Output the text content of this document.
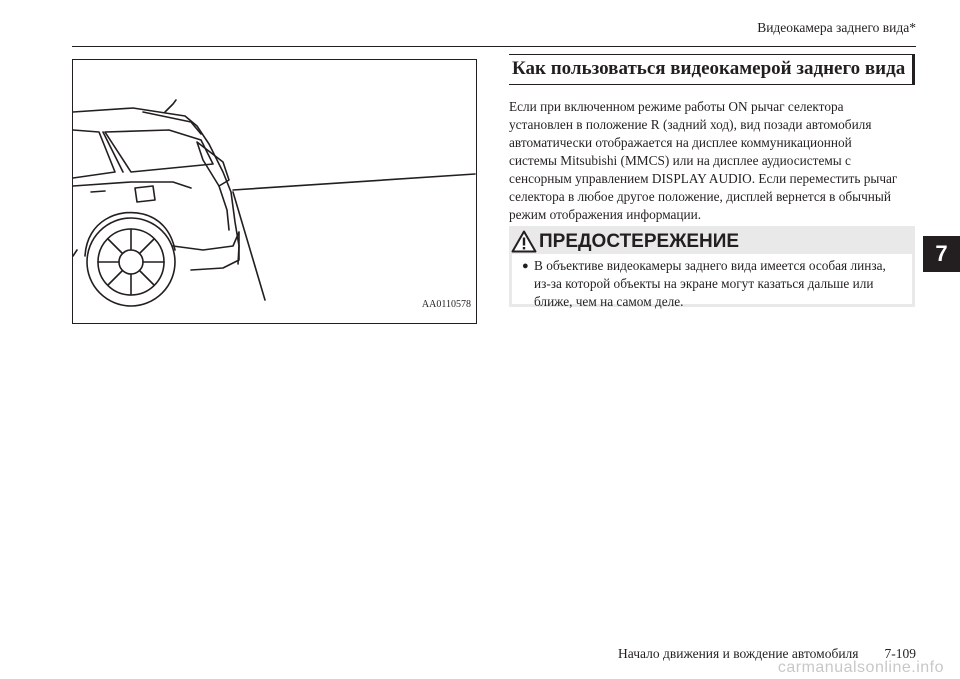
Видеокамера заднего вида*
AA0110578
Как пользоваться видеокамерой заднего вида

Если при включенном режиме работы ON рычаг селектора
установлен в положение R (задний ход), вид позади автомобиля
автоматически отображается на дисплее коммуникационной
системы Mitsubishi (MMCS) или на дисплее аудиосистемы с
сенсорным управлением DISPLAY AUDIO. Если переместить рычаг
селектора в любое другое положение, дисплей вернется в обычный
режим отображения информации.

ПРЕДОСТЕРЕЖЕНИЕ
● В объективе видеокамеры заднего вида имеется особая линза,
из-за которой объекты на экране могут казаться дальше или
ближе, чем на самом деле.
7
Начало движения и вождение автомобиля 7-109
carmanualsonline.info
